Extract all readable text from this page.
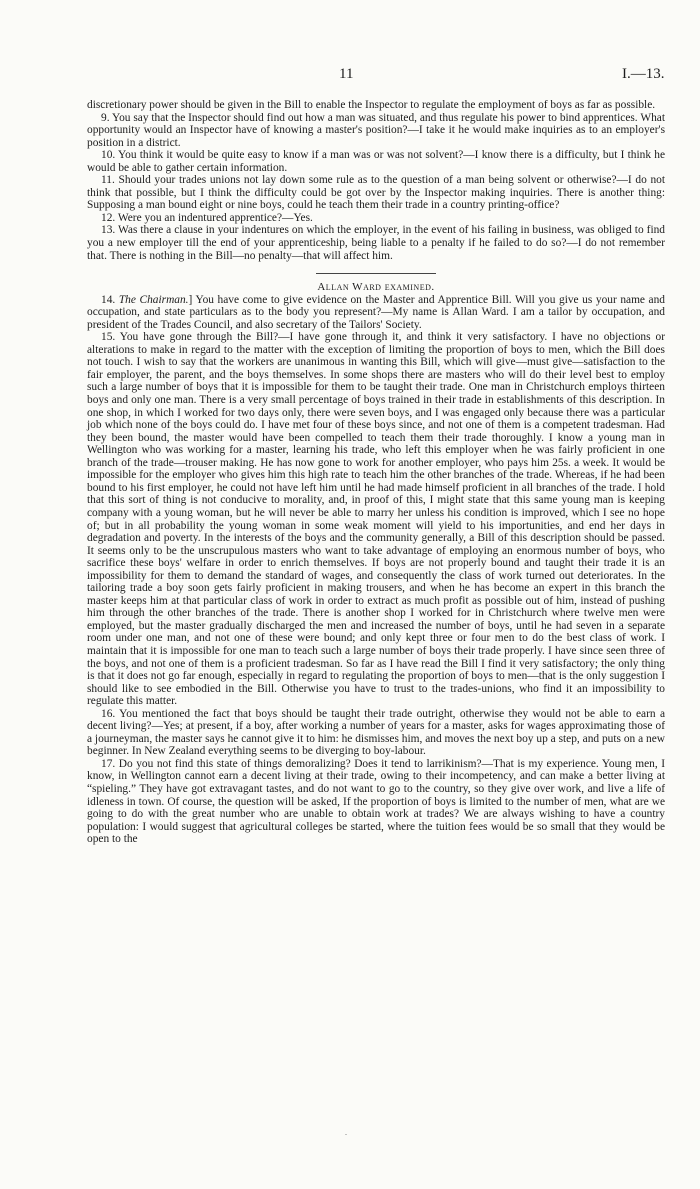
11	I.—13.

discretionary power should be given in the Bill to enable the Inspector to regulate the employment of boys as far as possible.

9. You say that the Inspector should find out how a man was situated, and thus regulate his power to bind apprentices. What opportunity would an Inspector have of knowing a master's position?—I take it he would make inquiries as to an employer's position in a district.

10. You think it would be quite easy to know if a man was or was not solvent?—I know there is a difficulty, but I think he would be able to gather certain information.

11. Should your trades unions not lay down some rule as to the question of a man being solvent or otherwise?—I do not think that possible, but I think the difficulty could be got over by the Inspector making inquiries. There is another thing: Supposing a man bound eight or nine boys, could he teach them their trade in a country printing-office?

12. Were you an indentured apprentice?—Yes.

13. Was there a clause in your indentures on which the employer, in the event of his failing in business, was obliged to find you a new employer till the end of your apprenticeship, being liable to a penalty if he failed to do so?—I do not remember that. There is nothing in the Bill—no penalty—that will affect him.

Allan Ward examined.

14. The Chairman.] You have come to give evidence on the Master and Apprentice Bill. Will you give us your name and occupation, and state particulars as to the body you represent?—My name is Allan Ward. I am a tailor by occupation, and president of the Trades Council, and also secretary of the Tailors' Society.

15. You have gone through the Bill?—I have gone through it, and think it very satisfactory. I have no objections or alterations to make in regard to the matter with the exception of limiting the proportion of boys to men, which the Bill does not touch. I wish to say that the workers are unanimous in wanting this Bill, which will give—must give—satisfaction to the fair employer, the parent, and the boys themselves. In some shops there are masters who will do their level best to employ such a large number of boys that it is impossible for them to be taught their trade. One man in Christchurch employs thirteen boys and only one man. There is a very small percentage of boys trained in their trade in establishments of this description. In one shop, in which I worked for two days only, there were seven boys, and I was engaged only because there was a particular job which none of the boys could do. I have met four of these boys since, and not one of them is a competent tradesman. Had they been bound, the master would have been compelled to teach them their trade thoroughly. I know a young man in Wellington who was working for a master, learning his trade, who left this employer when he was fairly proficient in one branch of the trade—trouser making. He has now gone to work for another employer, who pays him 25s. a week. It would be impossible for the employer who gives him this high rate to teach him the other branches of the trade. Whereas, if he had been bound to his first employer, he could not have left him until he had made himself proficient in all branches of the trade. I hold that this sort of thing is not conducive to morality, and, in proof of this, I might state that this same young man is keeping company with a young woman, but he will never be able to marry her unless his condition is improved, which I see no hope of; but in all probability the young woman in some weak moment will yield to his importunities, and end her days in degradation and poverty. In the interests of the boys and the community generally, a Bill of this description should be passed. It seems only to be the unscrupulous masters who want to take advantage of employing an enormous number of boys, who sacrifice these boys' welfare in order to enrich themselves. If boys are not properly bound and taught their trade it is an impossibility for them to demand the standard of wages, and consequently the class of work turned out deteriorates. In the tailoring trade a boy soon gets fairly proficient in making trousers, and when he has become an expert in this branch the master keeps him at that particular class of work in order to extract as much profit as possible out of him, instead of pushing him through the other branches of the trade. There is another shop I worked for in Christchurch where twelve men were employed, but the master gradually discharged the men and increased the number of boys, until he had seven in a separate room under one man, and not one of these were bound; and only kept three or four men to do the best class of work. I maintain that it is impossible for one man to teach such a large number of boys their trade properly. I have since seen three of the boys, and not one of them is a proficient tradesman. So far as I have read the Bill I find it very satisfactory; the only thing is that it does not go far enough, especially in regard to regulating the proportion of boys to men—that is the only suggestion I should like to see embodied in the Bill. Otherwise you have to trust to the trades-unions, who find it an impossibility to regulate this matter.

16. You mentioned the fact that boys should be taught their trade outright, otherwise they would not be able to earn a decent living?—Yes; at present, if a boy, after working a number of years for a master, asks for wages approximating those of a journeyman, the master says he cannot give it to him: he dismisses him, and moves the next boy up a step, and puts on a new beginner. In New Zealand everything seems to be diverging to boy-labour.

17. Do you not find this state of things demoralizing? Does it tend to larrikinism?—That is my experience. Young men, I know, in Wellington cannot earn a decent living at their trade, owing to their incompetency, and can make a better living at “spieling.” They have got extravagant tastes, and do not want to go to the country, so they give over work, and live a life of idleness in town. Of course, the question will be asked, If the proportion of boys is limited to the number of men, what are we going to do with the great number who are unable to obtain work at trades? We are always wishing to have a country population: I would suggest that agricultural colleges be started, where the tuition fees would be so small that they would be open to the

.
